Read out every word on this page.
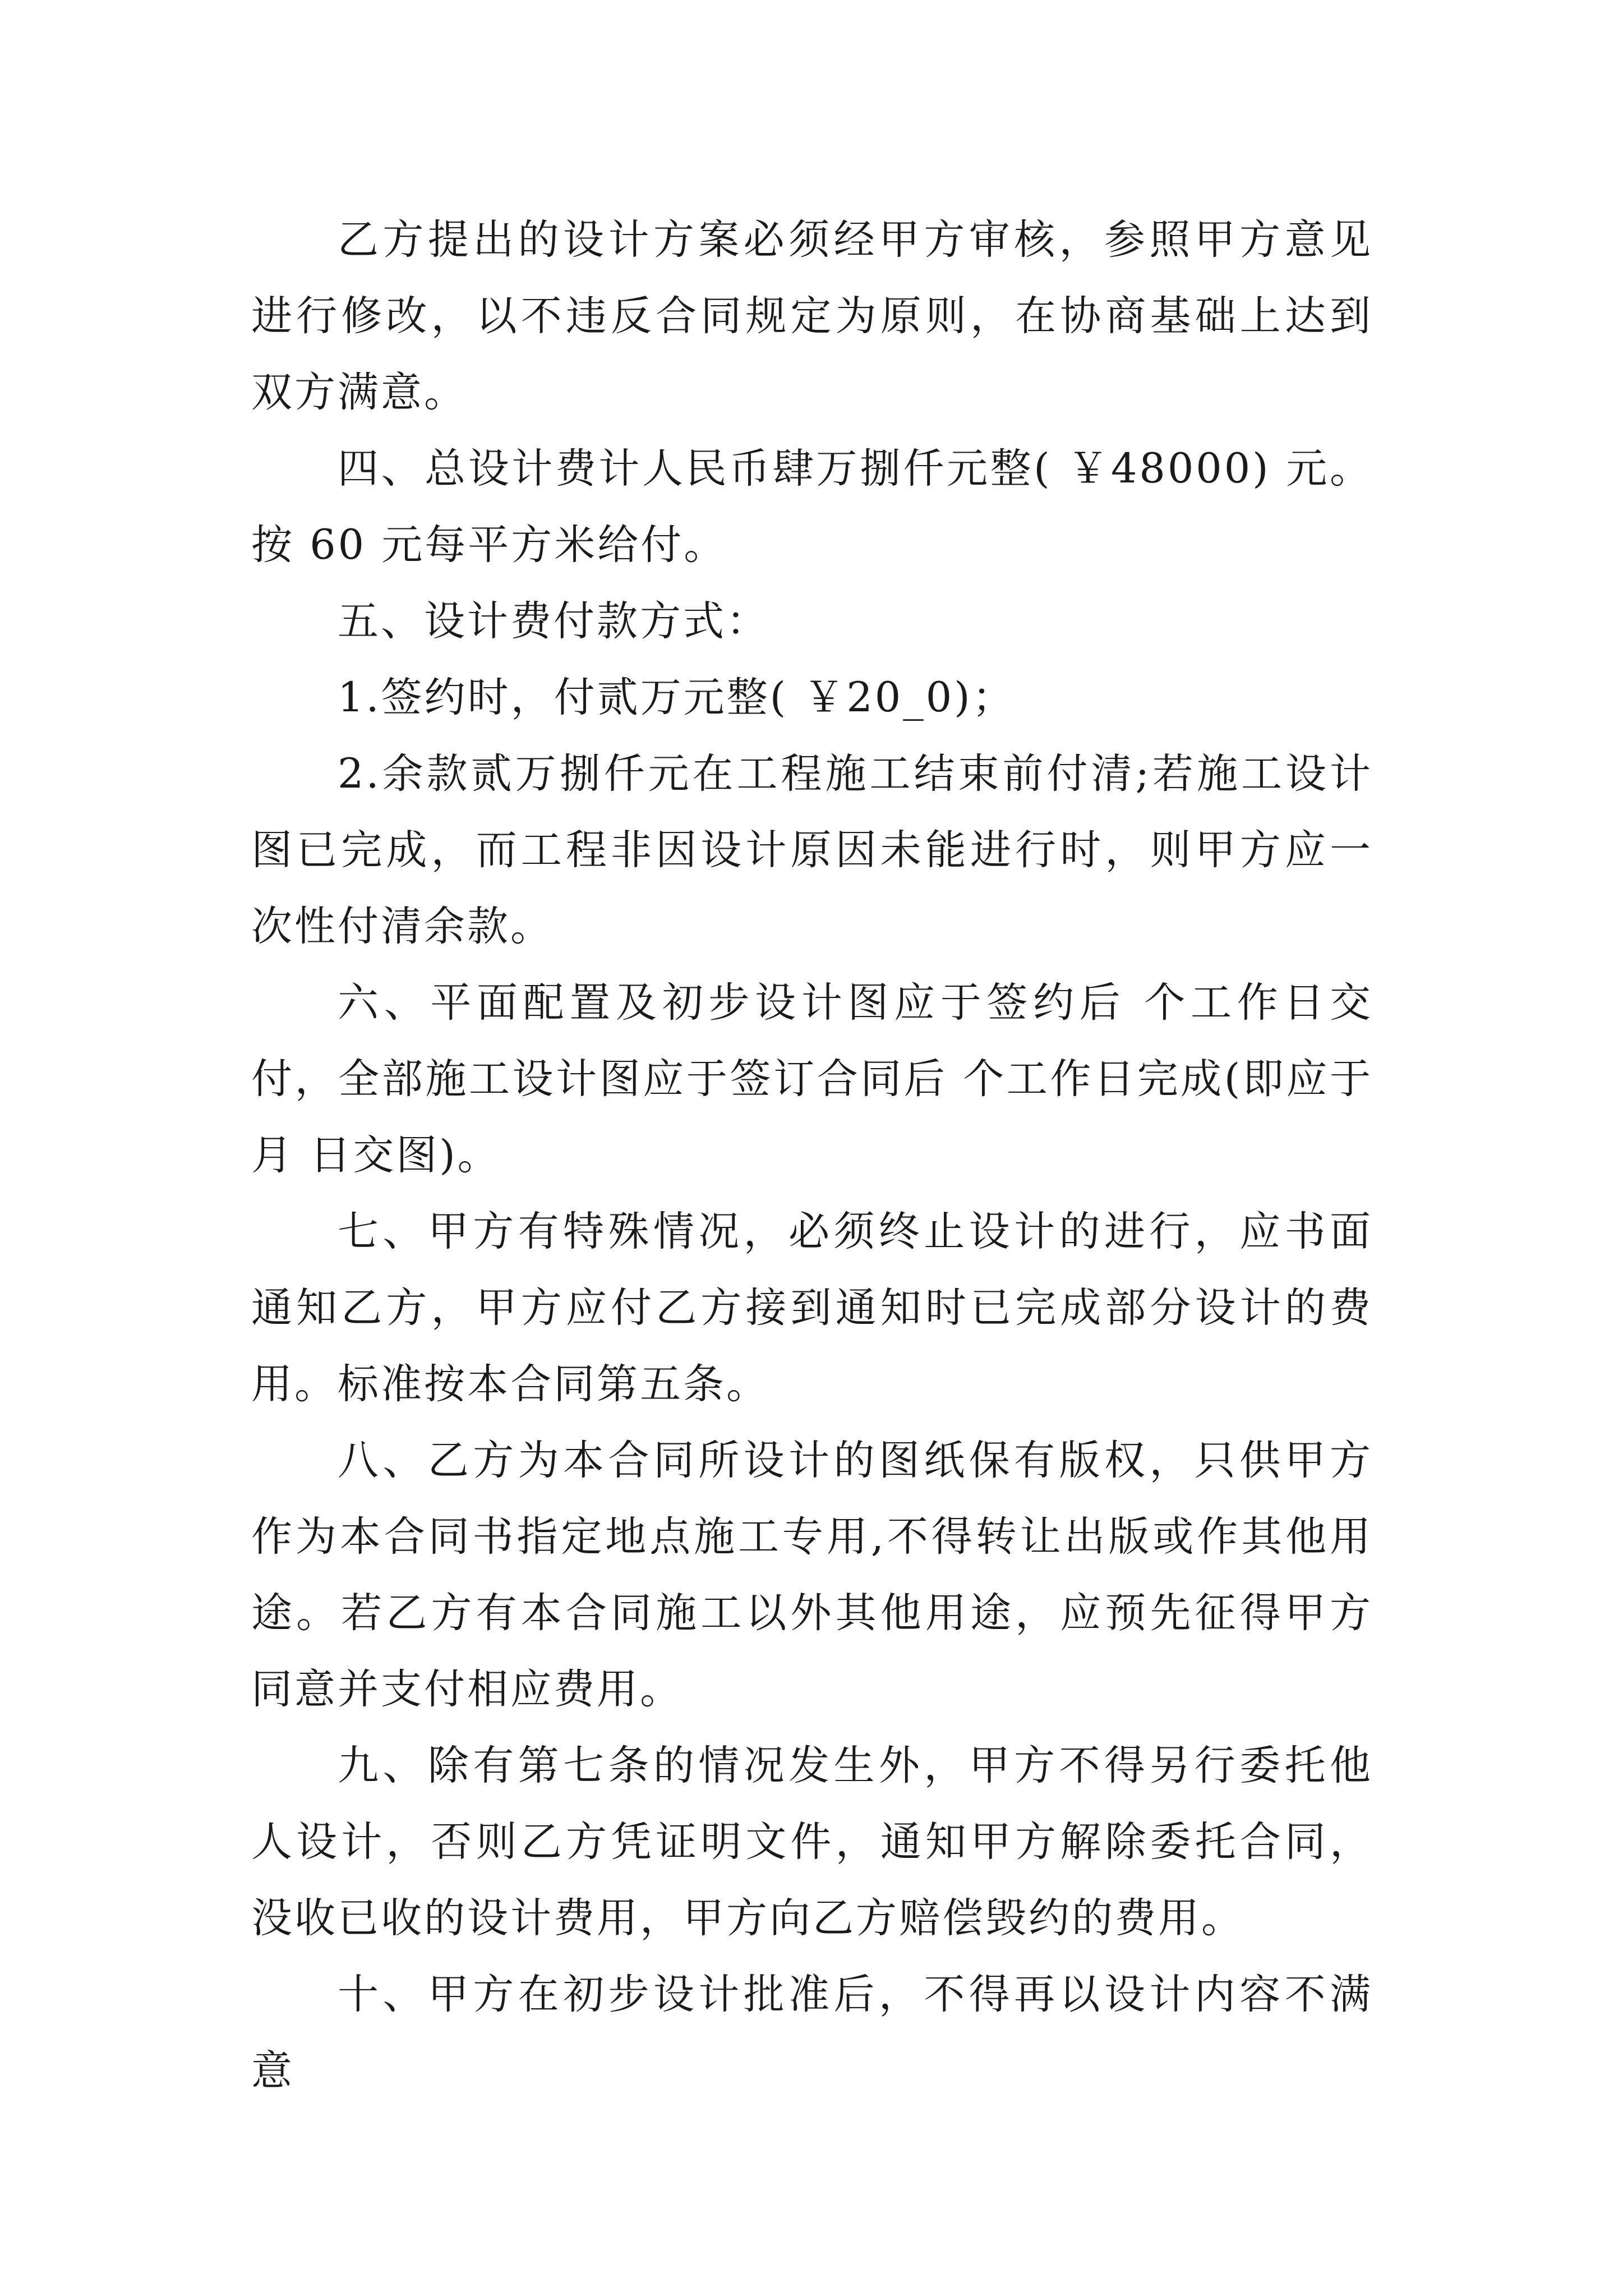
乙方提出的设计方案必须经甲方审核，参照甲方意见进行修改，以不违反合同规定为原则，在协商基础上达到双方满意。

四、总设计费计人民币肆万捌仟元整( ￥48000) 元。按 60 元每平方米给付。

五、设计费付款方式：

1.签约时，付贰万元整( ￥20_0)；

2.余款贰万捌仟元在工程施工结束前付清;若施工设计图已完成，而工程非因设计原因未能进行时，则甲方应一次性付清余款。

六、平面配置及初步设计图应于签约后 个工作日交付，全部施工设计图应于签订合同后 个工作日完成(即应于 月 日交图)。

七、甲方有特殊情况，必须终止设计的进行，应书面通知乙方，甲方应付乙方接到通知时已完成部分设计的费用。标准按本合同第五条。

八、乙方为本合同所设计的图纸保有版权，只供甲方作为本合同书指定地点施工专用,不得转让出版或作其他用途。若乙方有本合同施工以外其他用途，应预先征得甲方同意并支付相应费用。

九、除有第七条的情况发生外，甲方不得另行委托他人设计，否则乙方凭证明文件，通知甲方解除委托合同，没收已收的设计费用，甲方向乙方赔偿毁约的费用。

十、甲方在初步设计批准后，不得再以设计内容不满意
